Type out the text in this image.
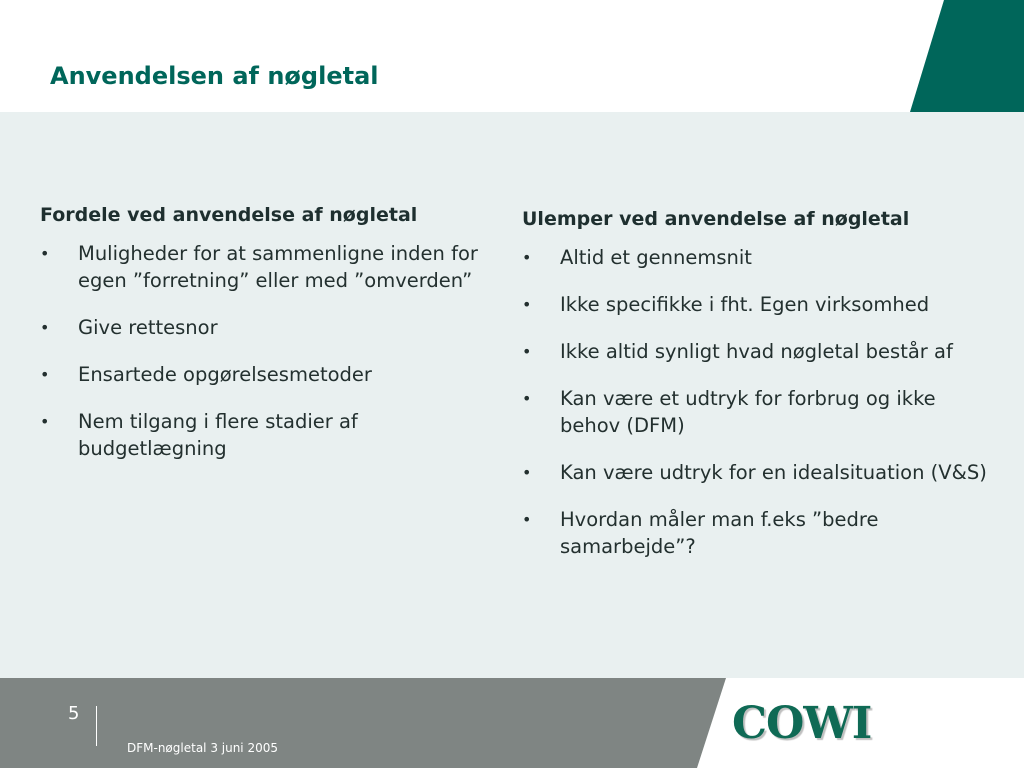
Anvendelsen af nøgletal

Fordele ved anvendelse af nøgletal

• Muligheder for at sammenligne inden for egen ”forretning” eller med ”omverden”
• Give rettesnor
• Ensartede opgørelsesmetoder
• Nem tilgang i flere stadier af budgetlægning

Ulemper ved anvendelse af nøgletal

• Altid et gennemsnit
• Ikke specifikke i fht. Egen virksomhed
• Ikke altid synligt hvad nøgletal består af
• Kan være et udtryk for forbrug og ikke behov (DFM)
• Kan være udtryk for en idealsituation (V&S)
• Hvordan måler man f.eks ”bedre samarbejde”?
5
DFM-nøgletal 3 juni 2005	COWI
